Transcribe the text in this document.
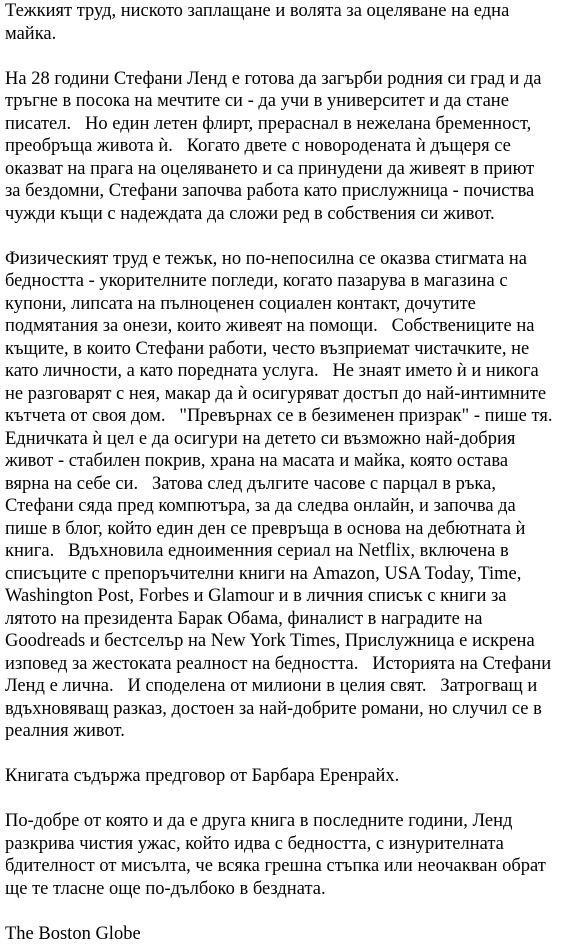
Тежкият труд, ниското заплащане и волята за оцеляване на една
майка.

На 28 години Стефани Ленд е готова да загърби родния си град и да
тръгне в посока на мечтите си - да учи в университет и да стане
писател.   Но един летен флирт, прераснал в нежелана бременност,
преобръща живота ѝ.   Когато двете с новородената ѝ дъщеря се
оказват на прага на оцеляването и са принудени да живеят в приют
за бездомни, Стефани започва работа като прислужница - почиства
чужди къщи с надеждата да сложи ред в собствения си живот.

Физическият труд е тежък, но по-непосилна се оказва стигмата на
бедността - укорителните погледи, когато пазарува в магазина с
купони, липсата на пълноценен социален контакт, дочутите
подмятания за онези, които живеят на помощи.   Собствениците на
къщите, в които Стефани работи, често възприемат чистачките, не
като личности, а като поредната услуга.   Не знаят името ѝ и никога
не разговарят с нея, макар да ѝ осигуряват достъп до най-интимните
кътчета от своя дом.   "Превърнах се в безименен призрак" - пише тя.
Едничката ѝ цел е да осигури на детето си възможно най-добрия
живот - стабилен покрив, храна на масата и майка, която остава
вярна на себе си.   Затова след дългите часове с парцал в ръка,
Стефани сяда пред компютъра, за да следва онлайн, и започва да
пише в блог, който един ден се превръща в основа на дебютната ѝ
книга.   Вдъхновила едноименния сериал на Netflix, включена в
списъците с препоръчителни книги на Amazon, USA Today, Time,
Washington Post, Forbes и Glamour и в личния списък с книги за
лятото на президента Барак Обама, финалист в наградите на
Goodreads и бестселър на New York Times, Прислужница е искрена
изповед за жестоката реалност на бедността.   Историята на Стефани
Ленд е лична.   И споделена от милиони в целия свят.   Затрогващ и
вдъхновяващ разказ, достоен за най-добрите романи, но случил се в
реалния живот.

Книгата съдържа предговор от Барбара Еренрайх.

По-добре от която и да е друга книга в последните години, Ленд
разкрива чистия ужас, който идва с бедността, с изнурителната
бдителност от мисълта, че всяка грешна стъпка или неочакван обрат
ще те тласне още по-дълбоко в бездната.

The Boston Globe
